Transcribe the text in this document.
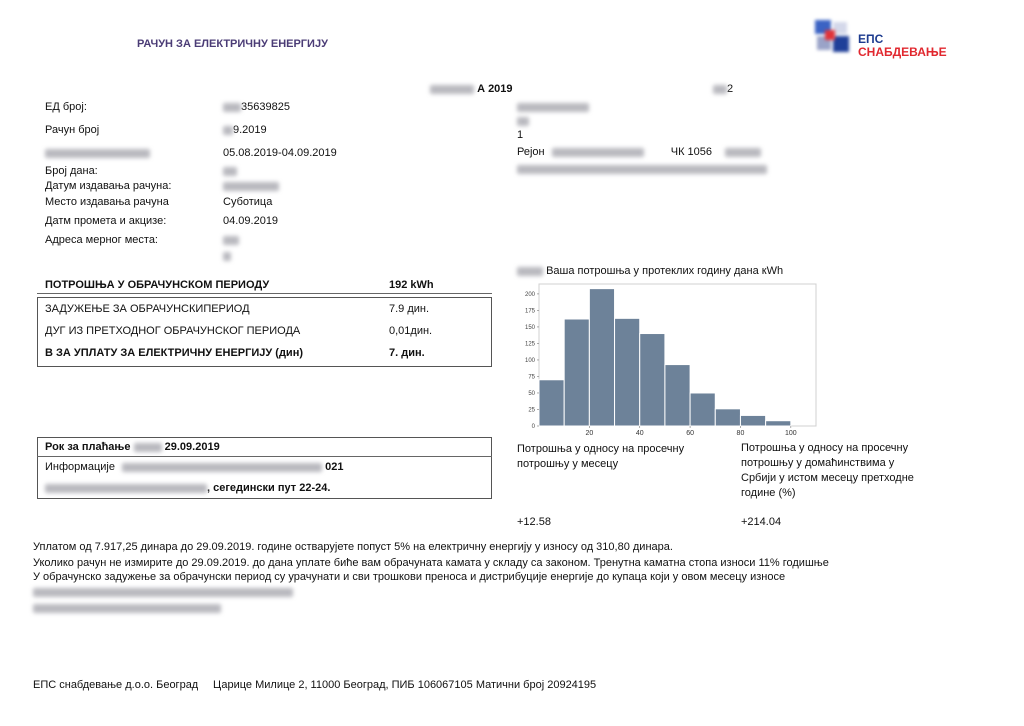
РАЧУН ЗА ЕЛЕКТРИЧНУ ЕНЕРГИЈУ	ЕПС
СНАБДЕВАЊЕ
А 2019	2
ЕД број:	35639825
Рачун број	9.2019
05.08.2019-04.09.2019
Број дана:
Датум издавања рачуна:
Место издавања рачуна	Суботица
Датм промета и акцизе:	04.09.2019
Адреса мерног места:

1
Рејон	ЧК 1056
ПОТРОШЊА У ОБРАЧУНСКОМ ПЕРИОДУ	192 kWh
ЗАДУЖЕЊЕ ЗА ОБРАЧУНСКИПЕРИОД	7.9 дин.
ДУГ ИЗ ПРЕТХОДНОГ ОБРАЧУНСКОГ ПЕРИОДА	0,01дин.
В ЗА УПЛАТУ ЗА ЕЛЕКТРИЧНУ ЕНЕРГИЈУ (дин)	7. дин.
Рок за плаћање	29.09.2019
Информације	021
, сегедински пут 22-24.
Ваша потрошња у протеклих годину дана кWh
0
25
50
75
100
125
150
175
200
20	40	60	80	100
Потрошња у односу на просечну потрошњу у месецу
Потрошња у односу на просечну потрошњу у домаћинствима у Србији у истом месецу претходне године (%)
+12.58	+214.04
Уплатом од 7.917,25 динара до 29.09.2019. године остварујете попуст 5% на електричну енергију у износу од 310,80 динара.
Уколико рачун не измирите до 29.09.2019. до дана уплате биће вам обрачуната камата у складу са законом. Тренутна каматна стопа износи 11% годишње
У обрачунско задужење за обрачунски период су урачунати и сви трошкови преноса и дистрибуције енергије до купаца који у овом месецу износе
ЕПС снабдевање д.о.о. Београд Царице Милице 2, 11000 Београд, ПИБ 106067105 Матични број 20924195
